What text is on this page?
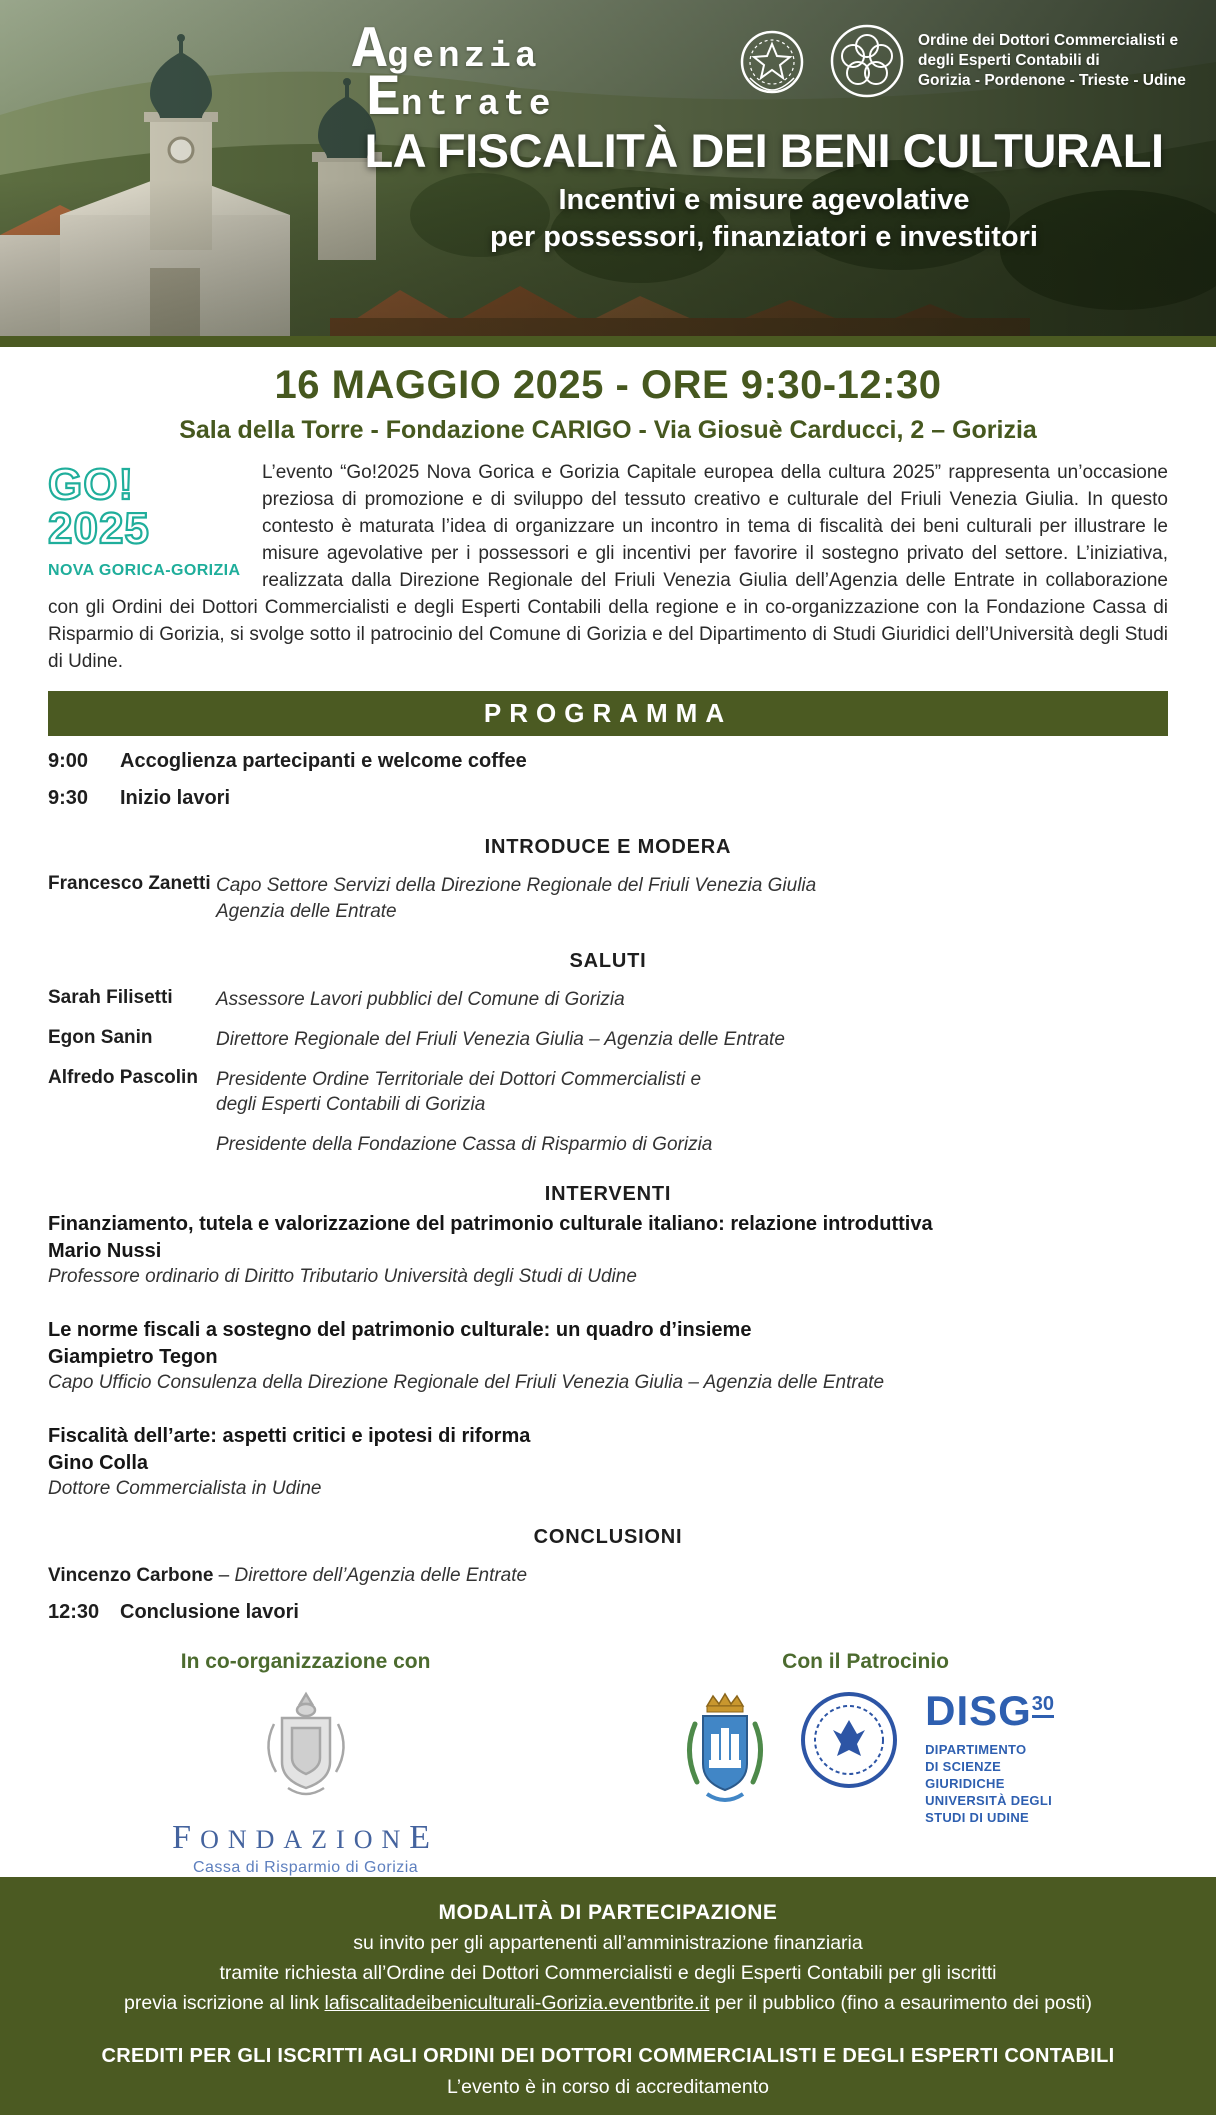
Agenzia
Entrate
Ordine dei Dottori Commercialisti e
degli Esperti Contabili di
Gorizia - Pordenone - Trieste - Udine
LA FISCALITÀ DEI BENI CULTURALI
Incentivi e misure agevolative
per possessori, finanziatori e investitori
16 MAGGIO 2025 - ORE 9:30-12:30
Sala della Torre - Fondazione CARIGO - Via Giosuè Carducci, 2 – Gorizia
GO! 2025
NOVA GORICA-GORIZIA
L’evento “Go!2025 Nova Gorica e Gorizia Capitale europea della cultura 2025” rappresenta un’occasione preziosa di promozione e di sviluppo del tessuto creativo e culturale del Friuli Venezia Giulia. In questo contesto è maturata l’idea di organizzare un incontro in tema di fiscalità dei beni culturali per illustrare le misure agevolative per i possessori e gli incentivi per favorire il sostegno privato del settore. L’iniziativa, realizzata dalla Direzione Regionale del Friuli Venezia Giulia dell’Agenzia delle Entrate in collaborazione con gli Ordini dei Dottori Commercialisti e degli Esperti Contabili della regione e in co-organizzazione con la Fondazione Cassa di Risparmio di Gorizia, si svolge sotto il patrocinio del Comune di Gorizia e del Dipartimento di Studi Giuridici dell’Università degli Studi di Udine.
PROGRAMMA
9:00	Accoglienza partecipanti e welcome coffee
9:30	Inizio lavori
INTRODUCE E MODERA
Francesco Zanetti Capo Settore Servizi della Direzione Regionale del Friuli Venezia Giulia
Agenzia delle Entrate
SALUTI
Sarah Filisetti	Assessore Lavori pubblici del Comune di Gorizia
Egon Sanin	Direttore Regionale del Friuli Venezia Giulia – Agenzia delle Entrate
Alfredo Pascolin Presidente Ordine Territoriale dei Dottori Commercialisti e
degli Esperti Contabili di Gorizia
Presidente della Fondazione Cassa di Risparmio di Gorizia
INTERVENTI
Finanziamento, tutela e valorizzazione del patrimonio culturale italiano: relazione introduttiva
Mario Nussi
Professore ordinario di Diritto Tributario Università degli Studi di Udine
Le norme fiscali a sostegno del patrimonio culturale: un quadro d’insieme
Giampietro Tegon
Capo Ufficio Consulenza della Direzione Regionale del Friuli Venezia Giulia – Agenzia delle Entrate
Fiscalità dell’arte: aspetti critici e ipotesi di riforma
Gino Colla
Dottore Commercialista in Udine
CONCLUSIONI
Vincenzo Carbone – Direttore dell’Agenzia delle Entrate
12:30	Conclusione lavori
In co-organizzazione con
FONDAZIONE
Cassa di Risparmio di Gorizia
Con il Patrocinio
DISG$^{30}$
DIPARTIMENTO
DI SCIENZE
GIURIDICHE
UNIVERSITÀ DEGLI
STUDI DI UDINE
MODALITÀ DI PARTECIPAZIONE
su invito per gli appartenenti all’amministrazione finanziaria
tramite richiesta all’Ordine dei Dottori Commercialisti e degli Esperti Contabili per gli iscritti
previa iscrizione al link lafiscalitadeibeniculturali-Gorizia.eventbrite.it per il pubblico (fino a esaurimento dei posti)
CREDITI PER GLI ISCRITTI AGLI ORDINI DEI DOTTORI COMMERCIALISTI E DEGLI ESPERTI CONTABILI
L’evento è in corso di accreditamento
